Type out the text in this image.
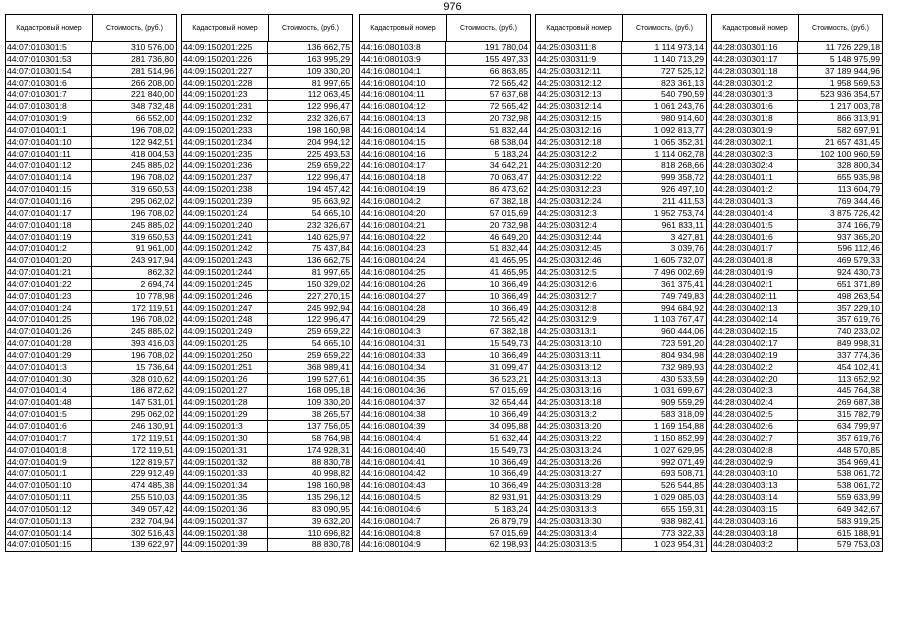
976
Кадастровый номер	Стоимость, (руб.)
44:07:010301:5	310 576,00
44:07:010301:53	281 736,80
44:07:010301:54	281 514,96
44:07:010301:6	266 208,00
44:07:010301:7	221 840,00
44:07:010301:8	348 732,48
44:07:010301:9	66 552,00
44:07:010401:1	196 708,02
44:07:010401:10	122 942,51
44:07:010401:11	418 004,53
44:07:010401:12	245 885,02
44:07:010401:14	196 708,02
44:07:010401:15	319 650,53
44:07:010401:16	295 062,02
44:07:010401:17	196 708,02
44:07:010401:18	245 885,02
44:07:010401:19	319 650,53
44:07:010401:2	91 961,00
44:07:010401:20	243 917,94
44:07:010401:21	862,32
44:07:010401:22	2 694,74
44:07:010401:23	10 778,98
44:07:010401:24	172 119,51
44:07:010401:25	196 708,02
44:07:010401:26	245 885,02
44:07:010401:28	393 416,03
44:07:010401:29	196 708,02
44:07:010401:3	15 736,64
44:07:010401:30	328 010,62
44:07:010401:4	186 872,62
44:07:010401:48	147 531,01
44:07:010401:5	295 062,02
44:07:010401:6	246 130,91
44:07:010401:7	172 119,51
44:07:010401:8	172 119,51
44:07:010401:9	122 819,57
44:07:010501:1	229 912,49
44:07:010501:10	474 485,38
44:07:010501:11	255 510,03
44:07:010501:12	349 057,42
44:07:010501:13	232 704,94
44:07:010501:14	302 516,43
44:07:010501:15	139 622,97
Кадастровый номер	Стоимость, (руб.)
44:09:150201:225	136 662,75
44:09:150201:226	163 995,29
44:09:150201:227	109 330,20
44:09:150201:228	81 997,65
44:09:150201:23	112 063,45
44:09:150201:231	122 996,47
44:09:150201:232	232 326,67
44:09:150201:233	198 160,98
44:09:150201:234	204 994,12
44:09:150201:235	225 493,53
44:09:150201:236	259 659,22
44:09:150201:237	122 996,47
44:09:150201:238	194 457,42
44:09:150201:239	95 663,92
44:09:150201:24	54 665,10
44:09:150201:240	232 326,67
44:09:150201:241	140 625,97
44:09:150201:242	75 437,84
44:09:150201:243	136 662,75
44:09:150201:244	81 997,65
44:09:150201:245	150 329,02
44:09:150201:246	227 270,15
44:09:150201:247	245 992,94
44:09:150201:248	122 996,47
44:09:150201:249	259 659,22
44:09:150201:25	54 665,10
44:09:150201:250	259 659,22
44:09:150201:251	368 989,41
44:09:150201:26	199 527,61
44:09:150201:27	168 095,18
44:09:150201:28	109 330,20
44:09:150201:29	38 265,57
44:09:150201:3	137 756,05
44:09:150201:30	58 764,98
44:09:150201:31	174 928,31
44:09:150201:32	88 830,78
44:09:150201:33	40 998,82
44:09:150201:34	198 160,98
44:09:150201:35	135 296,12
44:09:150201:36	83 090,95
44:09:150201:37	39 632,20
44:09:150201:38	110 696,82
44:09:150201:39	88 830,78
Кадастровый номер	Стоимость, (руб.)
44:16:080103:8	191 780,04
44:16:080103:9	155 497,33
44:16:080104:1	66 863,85
44:16:080104:10	72 565,42
44:16:080104:11	57 637,68
44:16:080104:12	72 565,42
44:16:080104:13	20 732,98
44:16:080104:14	51 832,44
44:16:080104:15	68 538,04
44:16:080104:16	5 183,24
44:16:080104:17	34 642,21
44:16:080104:18	70 063,47
44:16:080104:19	86 473,62
44:16:080104:2	67 382,18
44:16:080104:20	57 015,69
44:16:080104:21	20 732,98
44:16:080104:22	46 649,20
44:16:080104:23	51 832,44
44:16:080104:24	41 465,95
44:16:080104:25	41 465,95
44:16:080104:26	10 366,49
44:16:080104:27	10 366,49
44:16:080104:28	10 366,49
44:16:080104:29	72 565,42
44:16:080104:3	67 382,18
44:16:080104:31	15 549,73
44:16:080104:33	10 366,49
44:16:080104:34	31 099,47
44:16:080104:35	36 523,21
44:16:080104:36	57 015,69
44:16:080104:37	32 654,44
44:16:080104:38	10 366,49
44:16:080104:39	34 095,88
44:16:080104:4	51 632,44
44:16:080104:40	15 549,73
44:16:080104:41	10 366,49
44:16:080104:42	10 366,49
44:16:080104:43	10 366,49
44:16:080104:5	82 931,91
44:16:080104:6	5 183,24
44:16:080104:7	26 879,79
44:16:080104:8	57 015,69
44:16:080104:9	62 198,93
Кадастровый номер	Стоимость, (руб.)
44:25:030311:8	1 114 973,14
44:25:030311:9	1 140 713,29
44:25:030312:11	727 525,12
44:25:030312:12	823 361,13
44:25:030312:13	540 790,59
44:25:030312:14	1 061 243,76
44:25:030312:15	980 914,60
44:25:030312:16	1 092 813,77
44:25:030312:18	1 065 352,31
44:25:030312:2	1 114 062,78
44:25:030312:20	818 268,66
44:25:030312:22	999 358,72
44:25:030312:23	926 497,10
44:25:030312:24	211 411,53
44:25:030312:3	1 952 753,74
44:25:030312:4	961 833,11
44:25:030312:44	3 427,81
44:25:030312:45	3 039,76
44:25:030312:46	1 605 732,07
44:25:030312:5	7 496 002,69
44:25:030312:6	361 375,41
44:25:030312:7	749 749,83
44:25:030312:8	994 684,92
44:25:030312:9	1 103 767,47
44:25:030313:1	960 444,06
44:25:030313:10	723 591,20
44:25:030313:11	804 934,98
44:25:030313:12	732 989,93
44:25:030313:13	430 533,59
44:25:030313:16	1 031 699,67
44:25:030313:18	909 559,29
44:25:030313:2	583 318,09
44:25:030313:20	1 169 154,88
44:25:030313:22	1 150 852,99
44:25:030313:24	1 027 629,95
44:25:030313:26	992 071,49
44:25:030313:27	693 508,71
44:25:030313:28	526 544,85
44:25:030313:29	1 029 085,03
44:25:030313:3	655 159,31
44:25:030313:30	938 982,41
44:25:030313:4	773 322,33
44:25:030313:5	1 023 954,31
Кадастровый номер	Стоимость, (руб.)
44:28:030301:16	11 726 229,18
44:28:030301:17	5 148 975,99
44:28:030301:18	37 189 944,96
44:28:030301:2	1 958 569,53
44:28:030301:3	523 936 354,57
44:28:030301:6	1 217 003,78
44:28:030301:8	866 313,91
44:28:030301:9	582 697,91
44:28:030302:1	21 657 431,45
44:28:030302:3	102 100 960,59
44:28:030302:4	328 800,34
44:28:030401:1	655 935,98
44:28:030401:2	113 604,79
44:28:030401:3	769 344,46
44:28:030401:4	3 875 726,42
44:28:030401:5	374 166,79
44:28:030401:6	937 365,20
44:28:030401:7	596 112,46
44:28:030401:8	469 579,33
44:28:030401:9	924 430,73
44:28:030402:1	651 371,89
44:28:030402:11	498 263,54
44:28:030402:13	357 229,10
44:28:030402:14	357 619,76
44:28:030402:15	740 233,02
44:28:030402:17	849 998,31
44:28:030402:19	337 774,36
44:28:030402:2	454 102,41
44:28:030402:20	113 652,92
44:28:030402:3	445 764,38
44:28:030402:4	269 687,38
44:28:030402:5	315 782,79
44:28:030402:6	634 799,97
44:28:030402:7	357 619,76
44:28:030402:8	448 570,85
44:28:030402:9	354 969,41
44:28:030403:10	538 061,72
44:28:030403:13	538 061,72
44:28:030403:14	559 633,99
44:28:030403:15	649 342,67
44:28:030403:16	583 919,25
44:28:030403:18	615 188,91
44:28:030403:2	579 753,03
